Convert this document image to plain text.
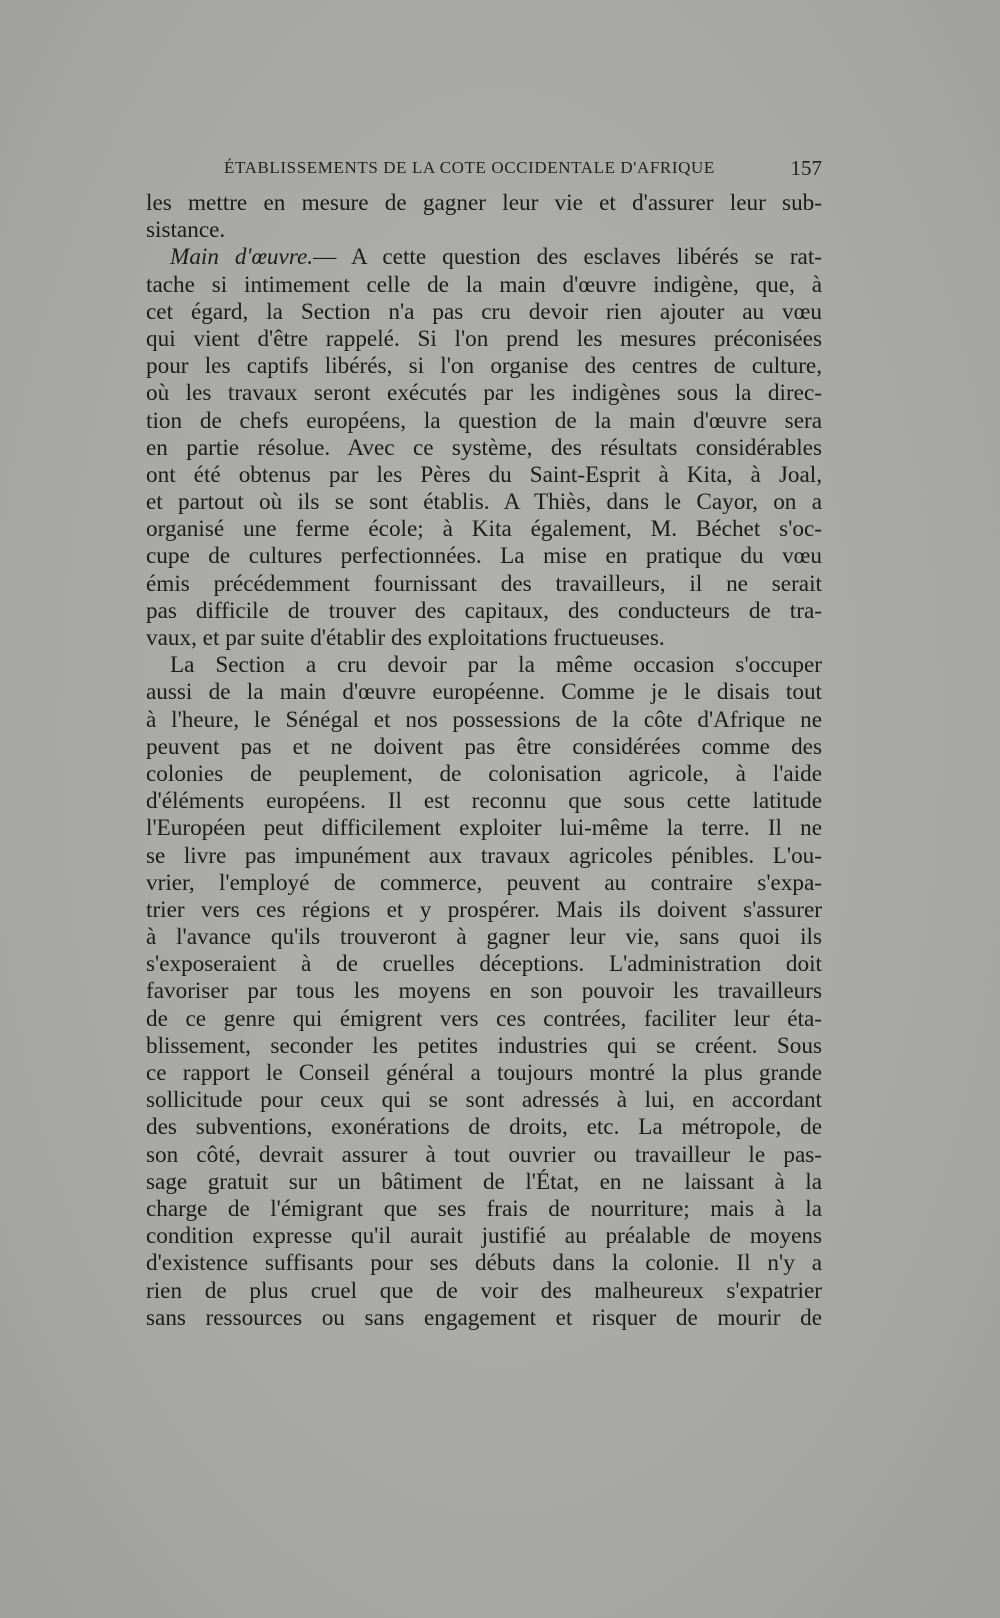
ÉTABLISSEMENTS DE LA COTE OCCIDENTALE D'AFRIQUE	157
les mettre en mesure de gagner leur vie et d'assurer leur sub-
sistance.
Main d'œuvre.— A cette question des esclaves libérés se rat-
tache si intimement celle de la main d'œuvre indigène, que, à
cet égard, la Section n'a pas cru devoir rien ajouter au vœu
qui vient d'être rappelé. Si l'on prend les mesures préconisées
pour les captifs libérés, si l'on organise des centres de culture,
où les travaux seront exécutés par les indigènes sous la direc-
tion de chefs européens, la question de la main d'œuvre sera
en partie résolue. Avec ce système, des résultats considérables
ont été obtenus par les Pères du Saint-Esprit à Kita, à Joal,
et partout où ils se sont établis. A Thiès, dans le Cayor, on a
organisé une ferme école; à Kita également, M. Béchet s'oc-
cupe de cultures perfectionnées. La mise en pratique du vœu
émis précédemment fournissant des travailleurs, il ne serait
pas difficile de trouver des capitaux, des conducteurs de tra-
vaux, et par suite d'établir des exploitations fructueuses.
La Section a cru devoir par la même occasion s'occuper
aussi de la main d'œuvre européenne. Comme je le disais tout
à l'heure, le Sénégal et nos possessions de la côte d'Afrique ne
peuvent pas et ne doivent pas être considérées comme des
colonies de peuplement, de colonisation agricole, à l'aide
d'éléments européens. Il est reconnu que sous cette latitude
l'Européen peut difficilement exploiter lui-même la terre. Il ne
se livre pas impunément aux travaux agricoles pénibles. L'ou-
vrier, l'employé de commerce, peuvent au contraire s'expa-
trier vers ces régions et y prospérer. Mais ils doivent s'assurer
à l'avance qu'ils trouveront à gagner leur vie, sans quoi ils
s'exposeraient à de cruelles déceptions. L'administration doit
favoriser par tous les moyens en son pouvoir les travailleurs
de ce genre qui émigrent vers ces contrées, faciliter leur éta-
blissement, seconder les petites industries qui se créent. Sous
ce rapport le Conseil général a toujours montré la plus grande
sollicitude pour ceux qui se sont adressés à lui, en accordant
des subventions, exonérations de droits, etc. La métropole, de
son côté, devrait assurer à tout ouvrier ou travailleur le pas-
sage gratuit sur un bâtiment de l'État, en ne laissant à la
charge de l'émigrant que ses frais de nourriture; mais à la
condition expresse qu'il aurait justifié au préalable de moyens
d'existence suffisants pour ses débuts dans la colonie. Il n'y a
rien de plus cruel que de voir des malheureux s'expatrier
sans ressources ou sans engagement et risquer de mourir de
